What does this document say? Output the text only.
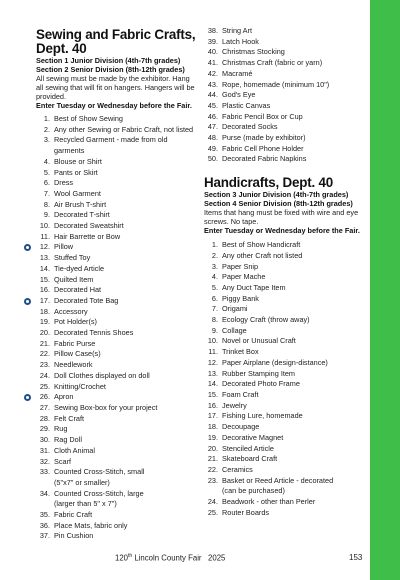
Sewing and Fabric Crafts,
Dept. 40
Section 1 Junior Division (4th-7th grades)
Section 2 Senior Division (8th-12th grades)
All sewing must be made by the exhibitor. Hang all sewing that will fit on hangers. Hangers will be provided.
Enter Tuesday or Wednesday before the Fair.
1. Best of Show Sewing
2. Any other Sewing or Fabric Craft, not listed
3. Recycled Garment - made from old
garments
4. Blouse or Shirt
5. Pants or Skirt
6. Dress
7. Wool Garment
8. Air Brush T-shirt
9. Decorated T-shirt
10. Decorated Sweatshirt
11. Hair Barrette or Bow
12. Pillow
13. Stuffed Toy
14. Tie-dyed Article
15. Quilted Item
16. Decorated Hat
17. Decorated Tote Bag
18. Accessory
19. Pot Holder(s)
20. Decorated Tennis Shoes
21. Fabric Purse
22. Pillow Case(s)
23. Needlework
24. Doll Clothes displayed on doll
25. Knitting/Crochet
26. Apron
27. Sewing Box-box for your project
28. Felt Craft
29. Rug
30. Rag Doll
31. Cloth Animal
32. Scarf
33. Counted Cross-Stitch, small
(5"x7" or smaller)
34. Counted Cross-Stitch, large
(larger than 5" x 7")
35. Fabric Craft
36. Place Mats, fabric only
37. Pin Cushion
38. String Art
39. Latch Hook
40. Christmas Stocking
41. Christmas Craft (fabric or yarn)
42. Macramé
43. Rope, homemade (minimum 10")
44. God's Eye
45. Plastic Canvas
46. Fabric Pencil Box or Cup
47. Decorated Socks
48. Purse (made by exhibitor)
49. Fabric Cell Phone Holder
50. Decorated Fabric Napkins
Handicrafts, Dept. 40
Section 3 Junior Division (4th-7th grades)
Section 4 Senior Division (8th-12th grades)
Items that hang must be fixed with wire and eye screws. No tape.
Enter Tuesday or Wednesday before the Fair.
1. Best of Show Handicraft
2. Any other Craft not listed
3. Paper Snip
4. Paper Mache
5. Any Duct Tape Item
6. Piggy Bank
7. Origami
8. Ecology Craft (throw away)
9. Collage
10. Novel or Unusual Craft
11. Trinket Box
12. Paper Airplane (design-distance)
13. Rubber Stamping Item
14. Decorated Photo Frame
15. Foam Craft
16. Jewelry
17. Fishing Lure, homemade
18. Decoupage
19. Decorative Magnet
20. Stenciled Article
21. Skateboard Craft
22. Ceramics
23. Basket or Reed Article - decorated
(can be purchased)
24. Beadwork - other than Perler
25. Router Boards
120th Lincoln County Fair   2025	153
